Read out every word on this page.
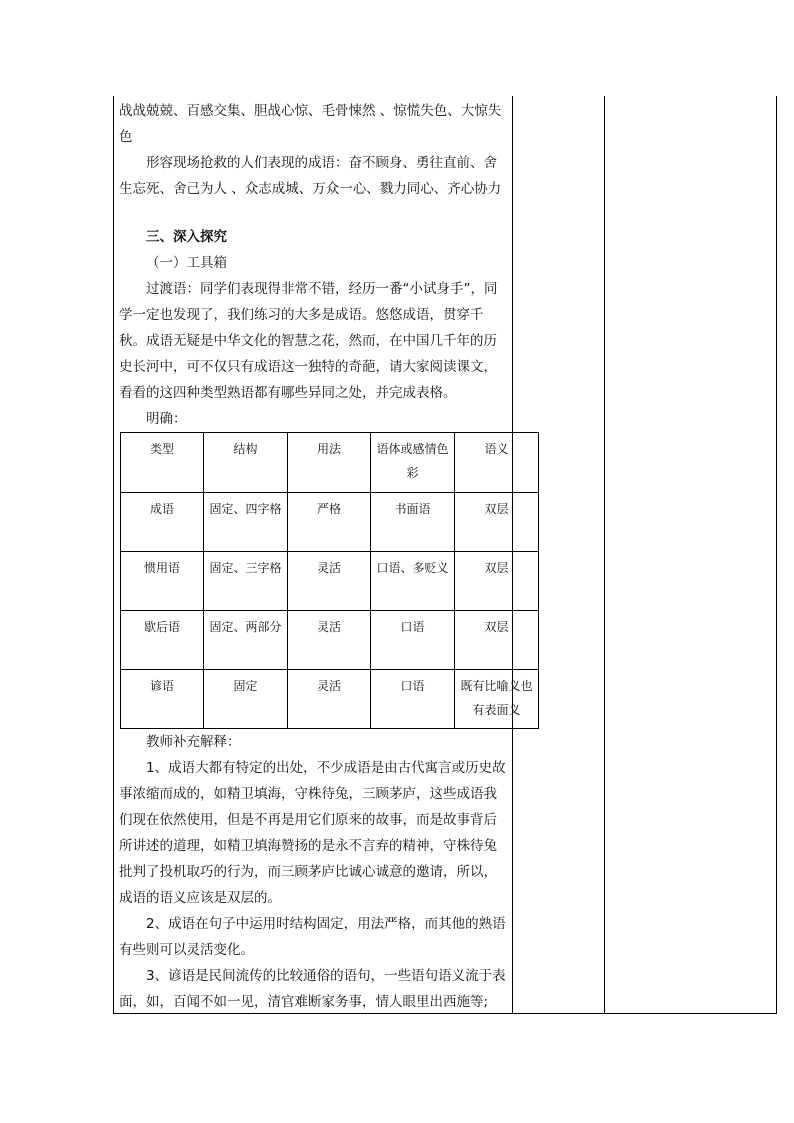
战战兢兢、百感交集、胆战心惊、毛骨悚然 、惊慌失色、大惊失色

形容现场抢救的人们表现的成语：奋不顾身、勇往直前、舍生忘死、舍己为人 、众志成城、万众一心、戮力同心、齐心协力

三、深入探究

（一）工具箱

过渡语：同学们表现得非常不错，经历一番“小试身手”，同学一定也发现了，我们练习的大多是成语。悠悠成语，贯穿千秋。成语无疑是中华文化的智慧之花，然而，在中国几千年的历史长河中，可不仅只有成语这一独特的奇葩，请大家阅读课文，看看的这四种类型熟语都有哪些异同之处，并完成表格。

明确：

类型	结构	用法	语体或感情色彩	语义
成语	固定、四字格	严格	书面语	双层
惯用语	固定、三字格	灵活	口语、多贬义	双层
歇后语	固定、两部分	灵活	口语	双层
谚语	固定	灵活	口语	既有比喻义也有表面义

教师补充解释：

1、成语大都有特定的出处，不少成语是由古代寓言或历史故事浓缩而成的，如精卫填海，守株待兔，三顾茅庐，这些成语我们现在依然使用，但是不再是用它们原来的故事，而是故事背后所讲述的道理，如精卫填海赞扬的是永不言弃的精神，守株待兔批判了投机取巧的行为，而三顾茅庐比诚心诚意的邀请，所以，成语的语义应该是双层的。

2、成语在句子中运用时结构固定，用法严格，而其他的熟语有些则可以灵活变化。

3、谚语是民间流传的比较通俗的语句，一些语句语义流于表面，如，百闻不如一见，清官难断家务事，情人眼里出西施等;
